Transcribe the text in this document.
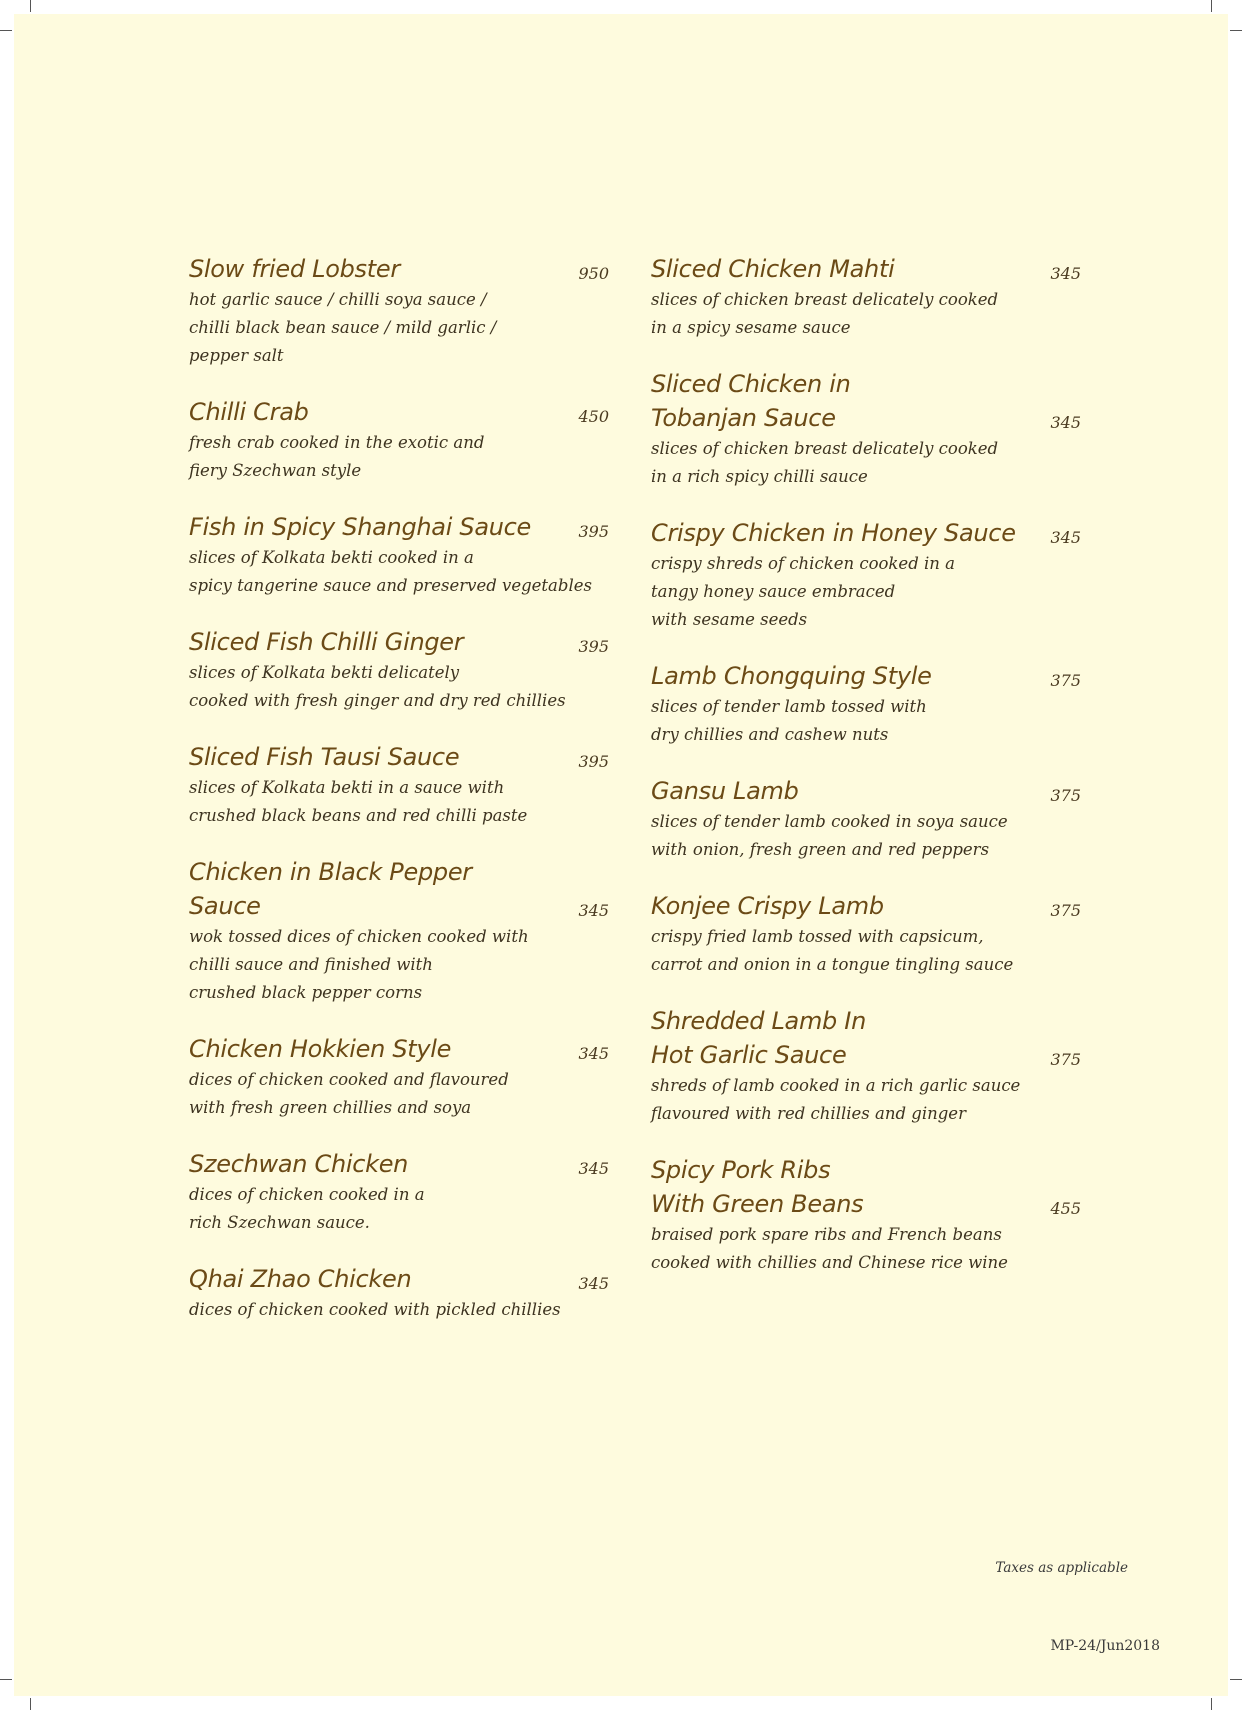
Slow fried Lobster	950
hot garlic sauce / chilli soya sauce /
chilli black bean sauce / mild garlic /
pepper salt
Chilli Crab	450
fresh crab cooked in the exotic and
fiery Szechwan style
Fish in Spicy Shanghai Sauce	395
slices of Kolkata bekti cooked in a
spicy tangerine sauce and preserved vegetables
Sliced Fish Chilli Ginger	395
slices of Kolkata bekti delicately
cooked with fresh ginger and dry red chillies
Sliced Fish Tausi Sauce	395
slices of Kolkata bekti in a sauce with
crushed black beans and red chilli paste
Chicken in Black Pepper Sauce	345
wok tossed dices of chicken cooked with
chilli sauce and finished with
crushed black pepper corns
Chicken Hokkien Style	345
dices of chicken cooked and flavoured
with fresh green chillies and soya
Szechwan Chicken	345
dices of chicken cooked in a
rich Szechwan sauce.
Qhai Zhao Chicken	345
dices of chicken cooked with pickled chillies
Sliced Chicken Mahti	345
slices of chicken breast delicately cooked
in a spicy sesame sauce
Sliced Chicken in
Tobanjan Sauce	345
slices of chicken breast delicately cooked
in a rich spicy chilli sauce
Crispy Chicken in Honey Sauce	345
crispy shreds of chicken cooked in a
tangy honey sauce embraced
with sesame seeds
Lamb Chongquing Style	375
slices of tender lamb tossed with
dry chillies and cashew nuts
Gansu Lamb	375
slices of tender lamb cooked in soya sauce
with onion, fresh green and red peppers
Konjee Crispy Lamb	375
crispy fried lamb tossed with capsicum,
carrot and onion in a tongue tingling sauce
Shredded Lamb In
Hot Garlic Sauce	375
shreds of lamb cooked in a rich garlic sauce
flavoured with red chillies and ginger
Spicy Pork Ribs
With Green Beans	455
braised pork spare ribs and French beans
cooked with chillies and Chinese rice wine
Taxes as applicable
MP-24/Jun2018
